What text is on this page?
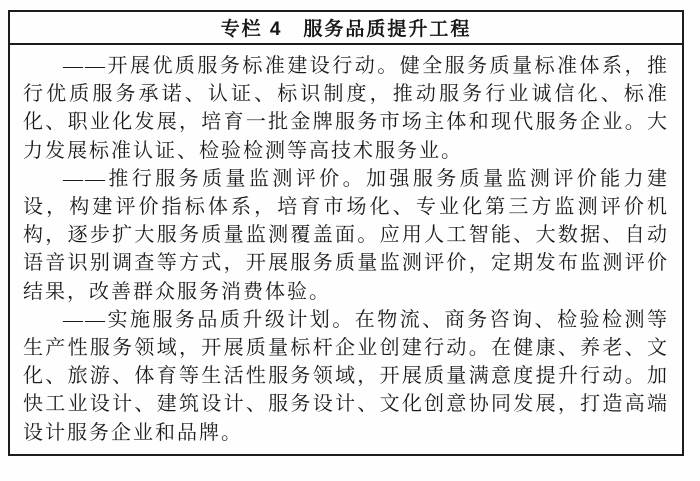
专栏 4　服务品质提升工程

——开展优质服务标准建设行动。健全服务质量标准体系，推行优质服务承诺、认证、标识制度，推动服务行业诚信化、标准化、职业化发展，培育一批金牌服务市场主体和现代服务企业。大力发展标准认证、检验检测等高技术服务业。

——推行服务质量监测评价。加强服务质量监测评价能力建设，构建评价指标体系，培育市场化、专业化第三方监测评价机构，逐步扩大服务质量监测覆盖面。应用人工智能、大数据、自动语音识别调查等方式，开展服务质量监测评价，定期发布监测评价结果，改善群众服务消费体验。

——实施服务品质升级计划。在物流、商务咨询、检验检测等生产性服务领域，开展质量标杆企业创建行动。在健康、养老、文化、旅游、体育等生活性服务领域，开展质量满意度提升行动。加快工业设计、建筑设计、服务设计、文化创意协同发展，打造高端设计服务企业和品牌。
